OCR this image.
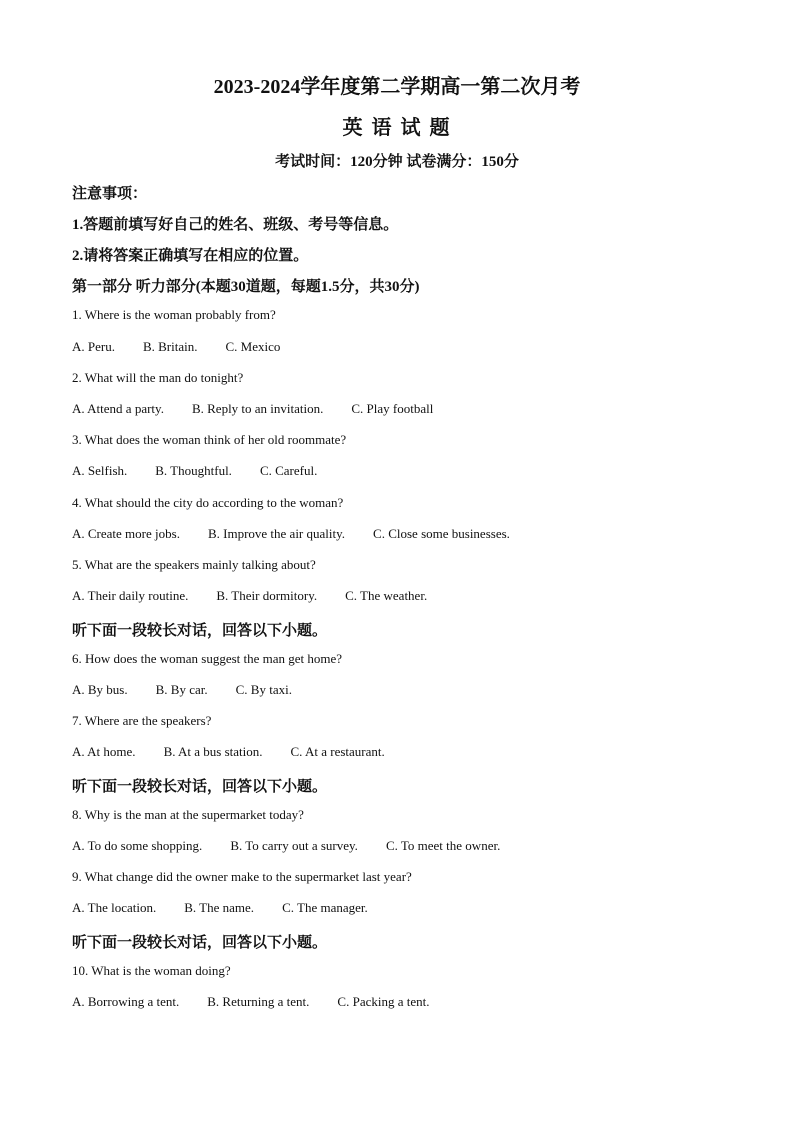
2023-2024学年度第二学期高一第二次月考
英 语 试 题
考试时间：120分钟 试卷满分：150分
注意事项：
1.答题前填写好自己的姓名、班级、考号等信息。
2.请将答案正确填写在相应的位置。
第一部分 听力部分(本题30道题，每题1.5分，共30分)
1. Where is the woman probably from?
A. Peru. B. Britain. C. Mexico
2. What will the man do tonight?
A. Attend a party. B. Reply to an invitation. C. Play football
3. What does the woman think of her old roommate?
A. Selfish. B. Thoughtful. C. Careful.
4. What should the city do according to the woman?
A. Create more jobs. B. Improve the air quality. C. Close some businesses.
5. What are the speakers mainly talking about?
A. Their daily routine. B. Their dormitory. C. The weather.
听下面一段较长对话，回答以下小题。
6. How does the woman suggest the man get home?
A. By bus. B. By car. C. By taxi.
7. Where are the speakers?
A. At home. B. At a bus station. C. At a restaurant.
听下面一段较长对话，回答以下小题。
8. Why is the man at the supermarket today?
A. To do some shopping. B. To carry out a survey. C. To meet the owner.
9. What change did the owner make to the supermarket last year?
A. The location. B. The name. C. The manager.
听下面一段较长对话，回答以下小题。
10. What is the woman doing?
A. Borrowing a tent. B. Returning a tent. C. Packing a tent.
